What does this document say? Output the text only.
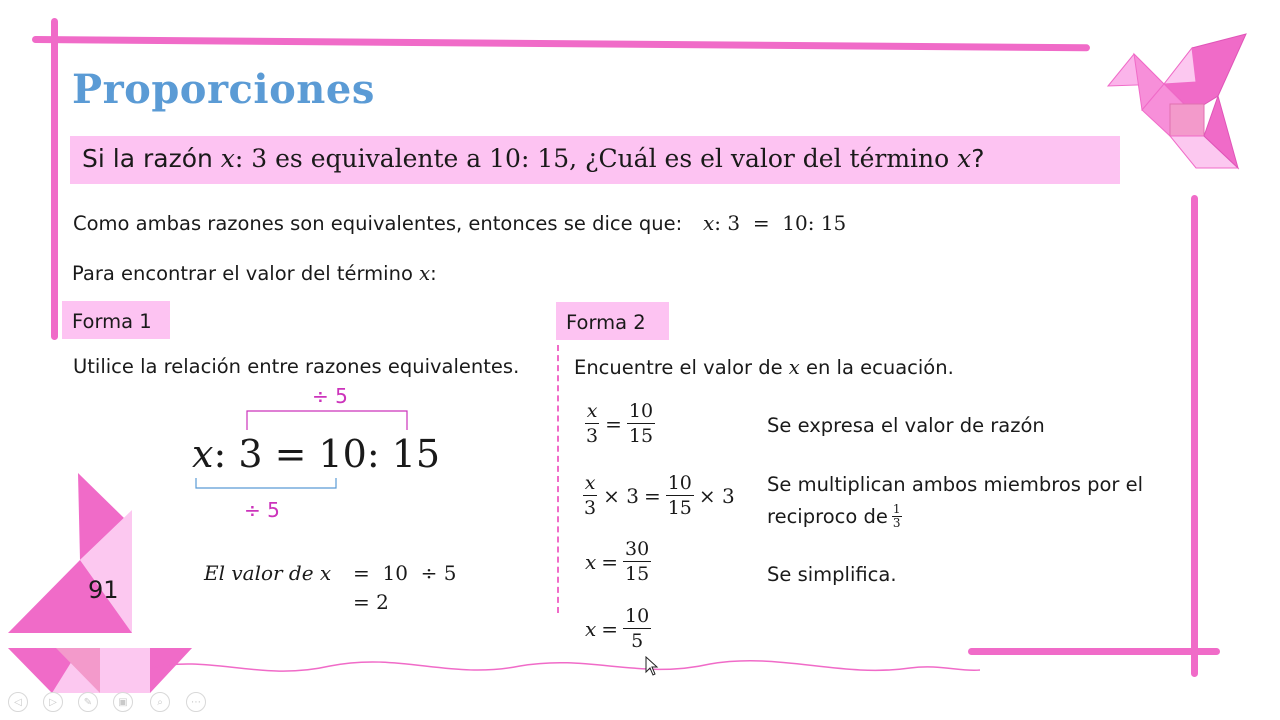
91
Proporciones
Si la razón x: 3 es equivalente a 10: 15, ¿Cuál es el valor del término x?
Como ambas razones son equivalentes, entonces se dice que: x: 3  =  10: 15
Para encontrar el valor del término x:
Forma 1
Utilice la relación entre razones equivalentes.
÷ 5
x: 3 = 10: 15
÷ 5
El valor de x =  10  ÷ 5
= 2
Forma 2
Encuentre el valor de x en la ecuación.
$\frac{x}{3} = \frac{10}{15}$	Se expresa el valor de razón
$\frac{x}{3} \times 3 = \frac{10}{15} \times 3$ Se multiplican ambos miembros por el
reciproco de $\frac{1}{3}$
$x = \frac{30}{15}$	Se simplifica.
$x = \frac{10}{5}$
◁	▷	✎	▣	⌕	⋯
